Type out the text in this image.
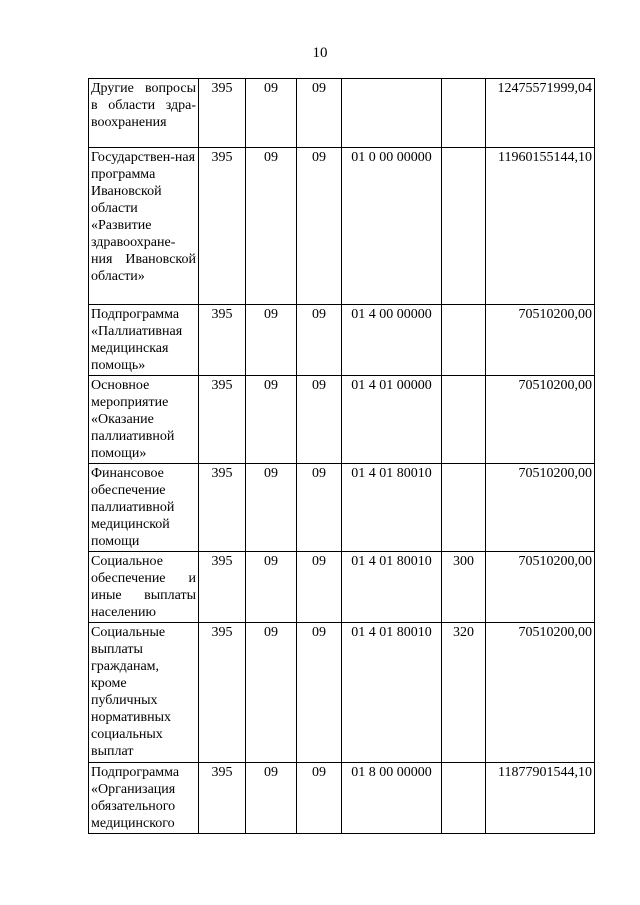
10
Другие вопросы в области здра-воохранения	395	09	09			12475571999,04
Государствен-ная программа Ивановской области «Развитие здравоохране-ния Ивановской области»	395	09	09	01 0 00 00000		11960155144,10
Подпрограмма «Паллиативная медицинская помощь»	395	09	09	01 4 00 00000		70510200,00
Основное мероприятие «Оказание паллиативной помощи»	395	09	09	01 4 01 00000		70510200,00
Финансовое обеспечение паллиативной медицинской помощи	395	09	09	01 4 01 80010		70510200,00
Социальное обеспечение и иные выплаты населению	395	09	09	01 4 01 80010	300	70510200,00
Социальные выплаты гражданам, кроме публичных нормативных социальных выплат	395	09	09	01 4 01 80010	320	70510200,00
Подпрограмма «Организация обязательного медицинского	395	09	09	01 8 00 00000		11877901544,10
